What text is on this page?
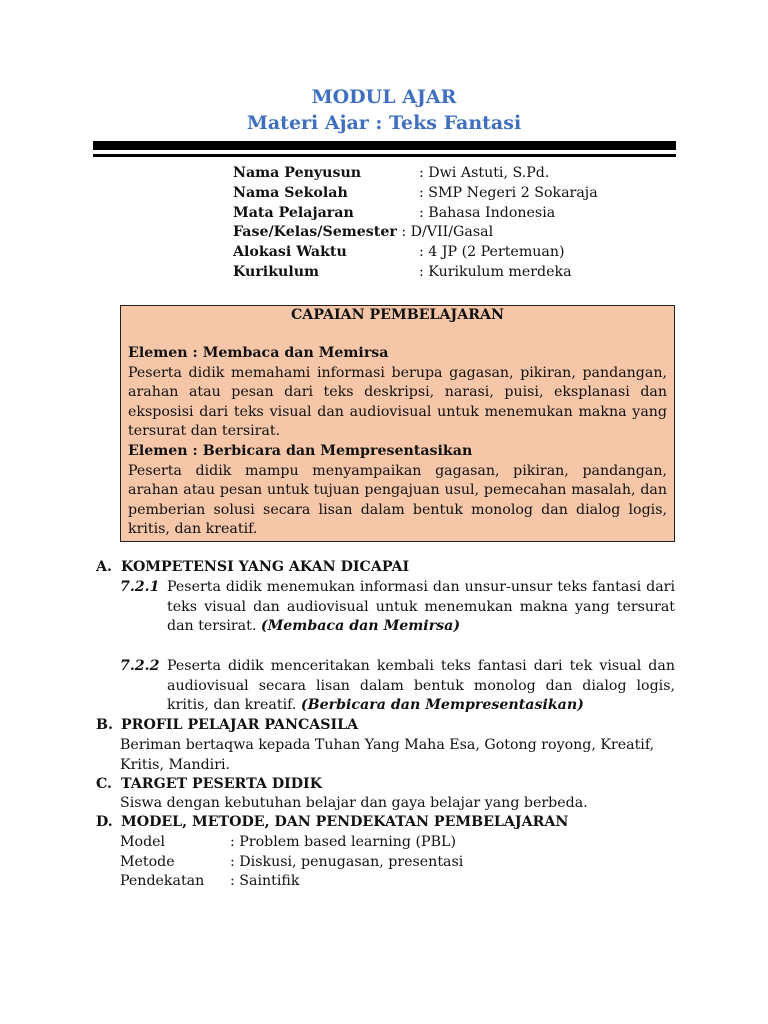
MODUL AJAR
Materi Ajar : Teks Fantasi
Nama Penyusun	: Dwi Astuti, S.Pd.
Nama Sekolah	: SMP Negeri 2 Sokaraja
Mata Pelajaran	: Bahasa Indonesia
Fase/Kelas/Semester : D/VII/Gasal
Alokasi Waktu	: 4 JP (2 Pertemuan)
Kurikulum	: Kurikulum merdeka
CAPAIAN PEMBELAJARAN
Elemen : Membaca dan Memirsa

Peserta didik memahami informasi berupa gagasan, pikiran, pandangan, arahan atau pesan dari teks deskripsi, narasi, puisi, eksplanasi dan eksposisi dari teks visual dan audiovisual untuk menemukan makna yang tersurat dan tersirat.

Elemen : Berbicara dan Mempresentasikan

Peserta didik mampu menyampaikan gagasan, pikiran, pandangan, arahan atau pesan untuk tujuan pengajuan usul, pemecahan masalah, dan pemberian solusi secara lisan dalam bentuk monolog dan dialog logis, kritis, dan kreatif.

A. KOMPETENSI YANG AKAN DICAPAI
7.2.1 Peserta didik menemukan informasi dan unsur-unsur teks fantasi dari teks visual dan audiovisual untuk menemukan makna yang tersurat dan tersirat. (Membaca dan Memirsa)
7.2.2 Peserta didik menceritakan kembali teks fantasi dari tek visual dan audiovisual secara lisan dalam bentuk monolog dan dialog logis, kritis, dan kreatif. (Berbicara dan Mempresentasikan)
B. PROFIL PELAJAR PANCASILA
Beriman bertaqwa kepada Tuhan Yang Maha Esa, Gotong royong, Kreatif, Kritis, Mandiri.
C. TARGET PESERTA DIDIK
Siswa dengan kebutuhan belajar dan gaya belajar yang berbeda.
D. MODEL, METODE, DAN PENDEKATAN PEMBELAJARAN
Model	: Problem based learning (PBL)
Metode	: Diskusi, penugasan, presentasi
Pendekatan : Saintifik
